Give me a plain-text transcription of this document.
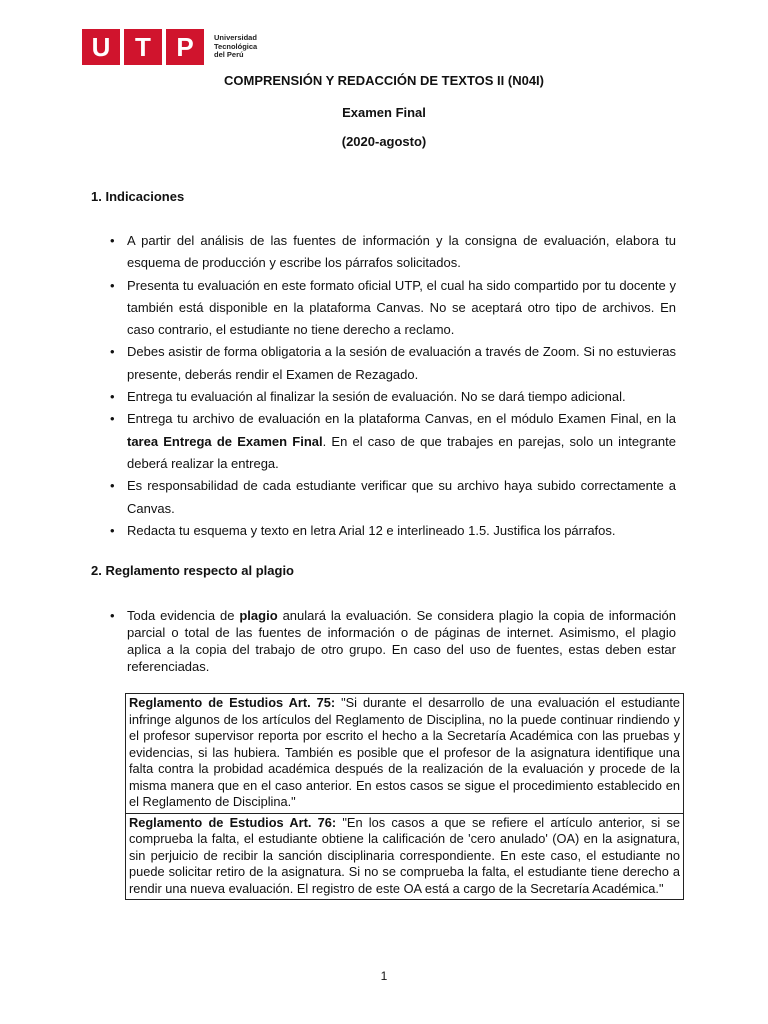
U T P	Universidad
Tecnológica
del Perú
COMPRENSIÓN Y REDACCIÓN DE TEXTOS II (N04I)
Examen Final
(2020-agosto)
1. Indicaciones
• A partir del análisis de las fuentes de información y la consigna de evaluación, elabora tu esquema de producción y escribe los párrafos solicitados.
• Presenta tu evaluación en este formato oficial UTP, el cual ha sido compartido por tu docente y también está disponible en la plataforma Canvas. No se aceptará otro tipo de archivos. En caso contrario, el estudiante no tiene derecho a reclamo.
• Debes asistir de forma obligatoria a la sesión de evaluación a través de Zoom. Si no estuvieras presente, deberás rendir el Examen de Rezagado.
• Entrega tu evaluación al finalizar la sesión de evaluación. No se dará tiempo adicional.
• Entrega tu archivo de evaluación en la plataforma Canvas, en el módulo Examen Final, en la tarea Entrega de Examen Final. En el caso de que trabajes en parejas, solo un integrante deberá realizar la entrega.
• Es responsabilidad de cada estudiante verificar que su archivo haya subido correctamente a Canvas.
• Redacta tu esquema y texto en letra Arial 12 e interlineado 1.5. Justifica los párrafos.
2. Reglamento respecto al plagio
• Toda evidencia de plagio anulará la evaluación. Se considera plagio la copia de información parcial o total de las fuentes de información o de páginas de internet. Asimismo, el plagio aplica a la copia del trabajo de otro grupo. En caso del uso de fuentes, estas deben estar referenciadas.
Reglamento de Estudios Art. 75: "Si durante el desarrollo de una evaluación el estudiante infringe algunos de los artículos del Reglamento de Disciplina, no la puede continuar rindiendo y el profesor supervisor reporta por escrito el hecho a la Secretaría Académica con las pruebas y evidencias, si las hubiera. También es posible que el profesor de la asignatura identifique una falta contra la probidad académica después de la realización de la evaluación y procede de la misma manera que en el caso anterior. En estos casos se sigue el procedimiento establecido en el Reglamento de Disciplina."
Reglamento de Estudios Art. 76: "En los casos a que se refiere el artículo anterior, si se comprueba la falta, el estudiante obtiene la calificación de 'cero anulado' (OA) en la asignatura, sin perjuicio de recibir la sanción disciplinaria correspondiente. En este caso, el estudiante no puede solicitar retiro de la asignatura. Si no se comprueba la falta, el estudiante tiene derecho a rendir una nueva evaluación. El registro de este OA está a cargo de la Secretaría Académica."
1
